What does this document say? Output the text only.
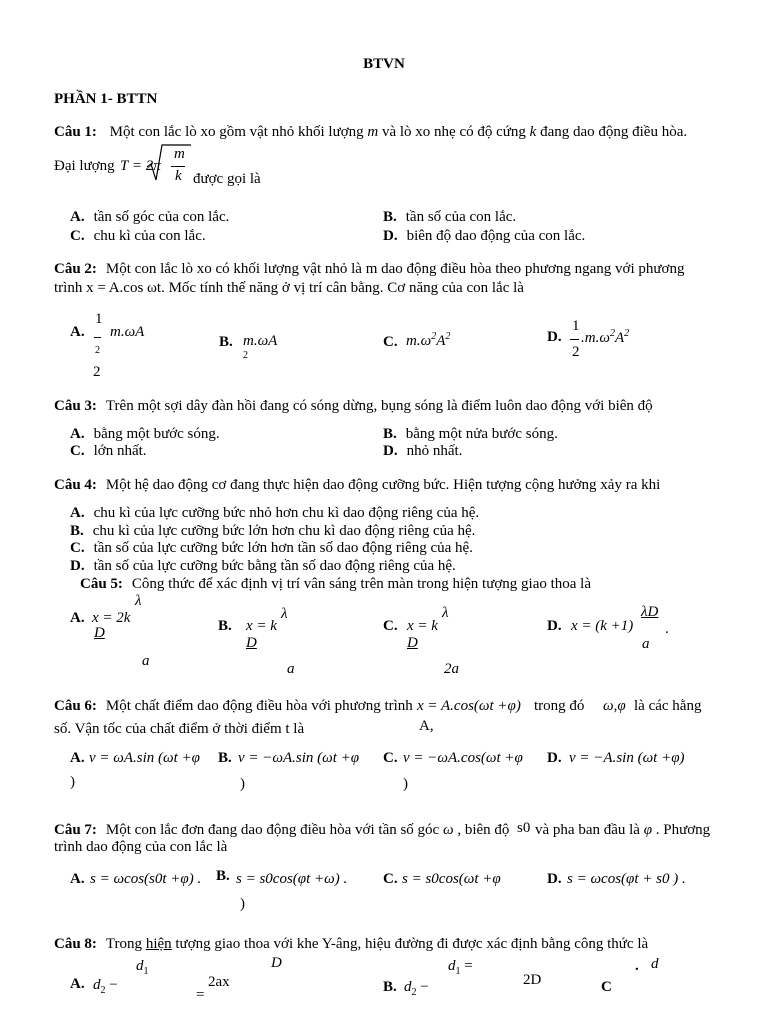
BTVN
PHẦN 1- BTTN
Câu 1: Một con lắc lò xo gồm vật nhỏ khối lượng m và lò xo nhẹ có độ cứng k đang dao động điều hòa.
Đại lượng T = 2π
m
k được gọi là
A. tần số góc của con lắc.	B. tần số của con lắc.
C. chu kì của con lắc.	D. biên độ dao động của con lắc.
Câu 2: Một con lắc lò xo có khối lượng vật nhỏ là m dao động điều hòa theo phương ngang với phương
trình x = A.cos ωt. Mốc tính thế năng ở vị trí cân bằng. Cơ năng của con lắc là
A.
1
2
m.ωA
2
B. m.ωA
2
C. $m.\omega^2A^2$	D.
1
2
$.m.\omega^2A^2$
Câu 3: Trên một sợi dây đàn hồi đang có sóng dừng, bụng sóng là điểm luôn dao động với biên độ
A. bằng một bước sóng.	B. bằng một nửa bước sóng.
C. lớn nhất.	D. nhỏ nhất.
Câu 4: Một hệ dao động cơ đang thực hiện dao động cưỡng bức. Hiện tượng cộng hưởng xảy ra khi
A. chu kì của lực cưỡng bức nhỏ hơn chu kì dao động riêng của hệ.
B. chu kì của lực cưỡng bức lớn hơn chu kì dao động riêng của hệ.
C. tần số của lực cưỡng bức lớn hơn tần số dao động riêng của hệ.
D. tần số của lực cưỡng bức bằng tần số dao động riêng của hệ.
Câu 5: Công thức để xác định vị trí vân sáng trên màn trong hiện tượng giao thoa là
A. x = 2k
λ
D
a
B. x = k
λ
D
a
C. x = k
λ
D
2a
D. x = (k +1)
λD
a
.
Câu 6: Một chất điểm dao động điều hòa với phương trình x = A.cos(ωt +φ) trong đó ω,φ là các hằng
số. Vận tốc của chất điểm ở thời điểm t là	A,
A. v = ωA.sin (ωt +φ
)
B. v = −ωA.sin (ωt +φ
)
C. v = −ωA.cos(ωt +φ
)
D. v = −A.sin (ωt +φ)
Câu 7: Một con lắc đơn đang dao động điều hòa với tần số góc ω , biên độ s0 và pha ban đầu là φ . Phương
trình dao động của con lắc là
A. s = ωcos(s0t +φ) . B. s = s0cos(φt +ω) .
)
C. s = s0cos(ωt +φ	D. s = ωcos(φt + s0 ) .
Câu 8: Trong hiện tượng giao thoa với khe Y-âng, hiệu đường đi được xác định bằng công thức là
$d_1$
D	$d_1$ =	. d
A. $d_2$ −
=
2ax	B. $d_2$ −	2D	C
